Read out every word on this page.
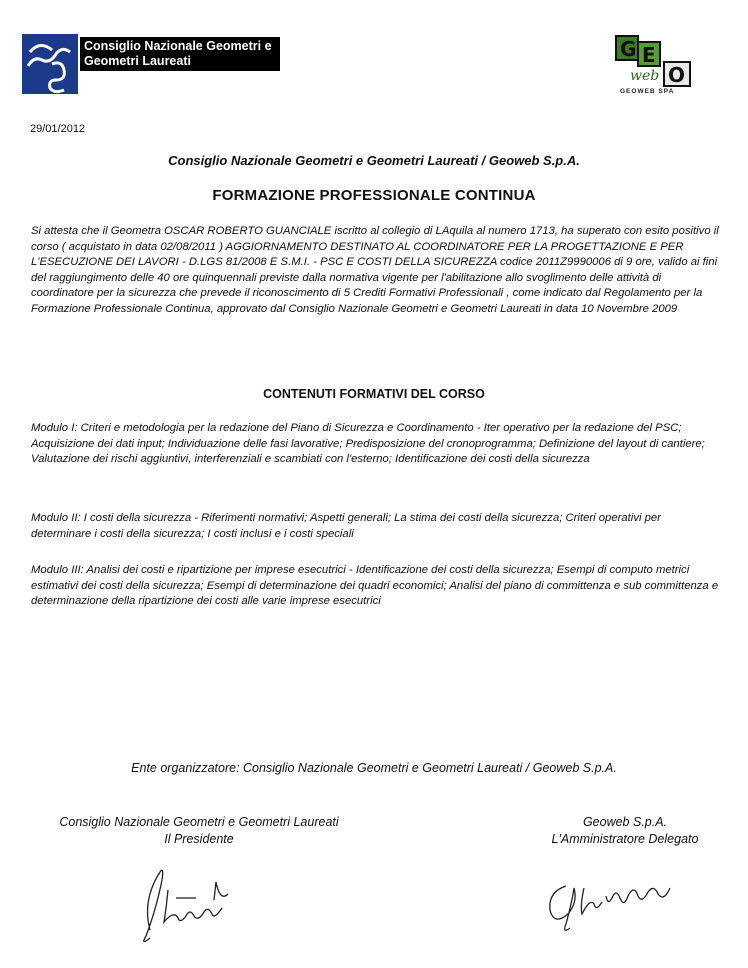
Consiglio Nazionale Geometri e Geometri Laureati	G E
O
web
GEOWEB SPA
29/01/2012
Consiglio Nazionale Geometri e Geometri Laureati / Geoweb S.p.A.
FORMAZIONE PROFESSIONALE CONTINUA
Si attesta che il Geometra OSCAR ROBERTO GUANCIALE iscritto al collegio di LAquila al numero 1713, ha superato con esito positivo il corso ( acquistato in data 02/08/2011 ) AGGIORNAMENTO DESTINATO AL COORDINATORE PER LA PROGETTAZIONE E PER L'ESECUZIONE DEI LAVORI - D.LGS 81/2008 E S.M.I. - PSC E COSTI DELLA SICUREZZA codice 2011Z9990006 di 9 ore, valido ai fini del raggiungimento delle 40 ore quinquennali previste dalla normativa vigente per l'abilitazione allo svoglimento delle attività di coordinatore per la sicurezza che prevede il riconoscimento di 5 Crediti Formativi Professionali , come indicato dal Regolamento per la Formazione Professionale Continua, approvato dal Consiglio Nazionale Geometri e Geometri Laureati in data 10 Novembre 2009
CONTENUTI FORMATIVI DEL CORSO
Modulo I: Criteri e metodologia per la redazione del Piano di Sicurezza e Coordinamento - Iter operativo per la redazione del PSC; Acquisizione dei dati input; Individuazione delle fasi lavorative; Predisposizione del cronoprogramma; Definizione del layout di cantiere; Valutazione dei rischi aggiuntivi, interferenziali e scambiati con l'esterno; Identificazione dei costi della sicurezza
Modulo II: I costi della sicurezza - Riferimenti normativi; Aspetti generali; La stima dei costi della sicurezza; Criteri operativi per determinare i costi della sicurezza; I costi inclusi e i costi speciali
Modulo III: Analisi dei costi e ripartizione per imprese esecutrici - Identificazione dei costi della sicurezza; Esempi di computo metrici estimativi dei costi della sicurezza; Esempi di determinazione dei quadri economici; Analisi del piano di committenza e sub committenza e determinazione della ripartizione dei costi alle varie imprese esecutrici
Ente organizzatore: Consiglio Nazionale Geometri e Geometri Laureati / Geoweb S.p.A.
Consiglio Nazionale Geometri e Geometri Laureati
Il Presidente
Geoweb S.p.A.
L'Amministratore Delegato
